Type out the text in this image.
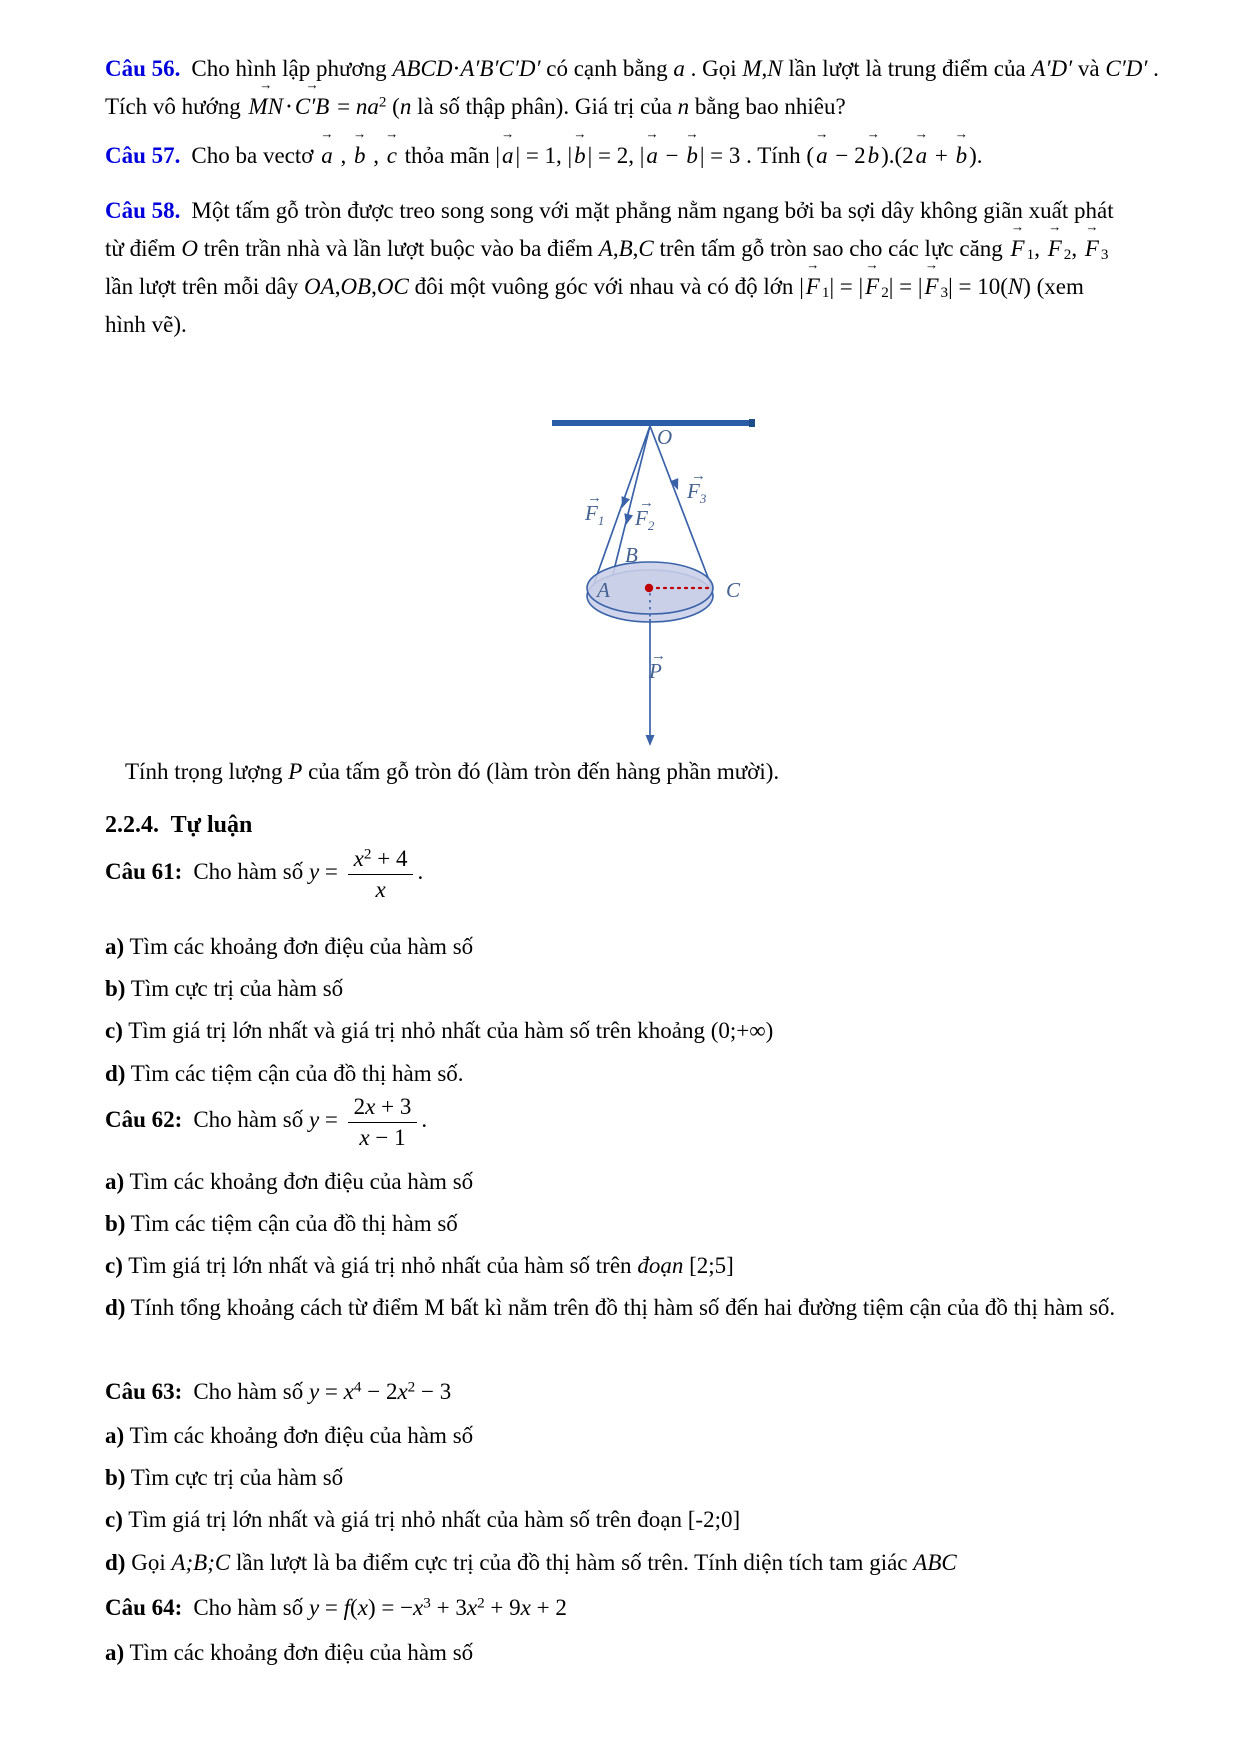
Câu 56. Cho hình lập phương ABCD⋅A′B′C′D′ có cạnh bằng a . Gọi M,N lần lượt là trung điểm của A′D′ và C′D′ . Tích vô hướng MN →⋅C′B → = $na^2$ (n là số thập phân). Giá trị của n bằng bao nhiêu?
Câu 57. Cho ba vectơ a → , b → , c → thỏa mãn |a →| = 1, |b →| = 2, |a → − b →| = 3 . Tính (a → − 2b →).(2a → + b →).
Câu 58. Một tấm gỗ tròn được treo song song với mặt phẳng nằm ngang bởi ba sợi dây không giãn xuất phát từ điểm O trên trần nhà và lần lượt buộc vào ba điểm A,B,C trên tấm gỗ tròn sao cho các lực căng F → 1, F → 2, F → 3 lần lượt trên mỗi dây OA,OB,OC đôi một vuông góc với nhau và có độ lớn |F → 1| = |F → 2| = |F → 3| = 10(N) (xem hình vẽ).
O
A
B
C
→
$F_1$
→
$F_2$
→
$F_3$
→
P
Tính trọng lượng P của tấm gỗ tròn đó (làm tròn đến hàng phần mười).
2.2.4.  Tự luận
Câu 61: Cho hàm số $y = \frac{x^2 + 4}{x}$ .
a) Tìm các khoảng đơn điệu của hàm số
b) Tìm cực trị của hàm số
c) Tìm giá trị lớn nhất và giá trị nhỏ nhất của hàm số trên khoảng (0;+∞)
d) Tìm các tiệm cận của đồ thị hàm số.
Câu 62: Cho hàm số $y = \frac{2x + 3}{x - 1}$ .
a) Tìm các khoảng đơn điệu của hàm số
b) Tìm các tiệm cận của đồ thị hàm số
c) Tìm giá trị lớn nhất và giá trị nhỏ nhất của hàm số trên đoạn [2;5]
d) Tính tổng khoảng cách từ điểm M bất kì nằm trên đồ thị hàm số đến hai đường tiệm cận của đồ thị hàm số.
Câu 63: Cho hàm số $y = x^4 - 2x^2 - 3$
a) Tìm các khoảng đơn điệu của hàm số
b) Tìm cực trị của hàm số
c) Tìm giá trị lớn nhất và giá trị nhỏ nhất của hàm số trên đoạn [-2;0]
d) Gọi A;B;C lần lượt là ba điểm cực trị của đồ thị hàm số trên. Tính diện tích tam giác ABC
Câu 64: Cho hàm số $y = f(x) = -x^3 + 3x^2 + 9x + 2$
a) Tìm các khoảng đơn điệu của hàm số
